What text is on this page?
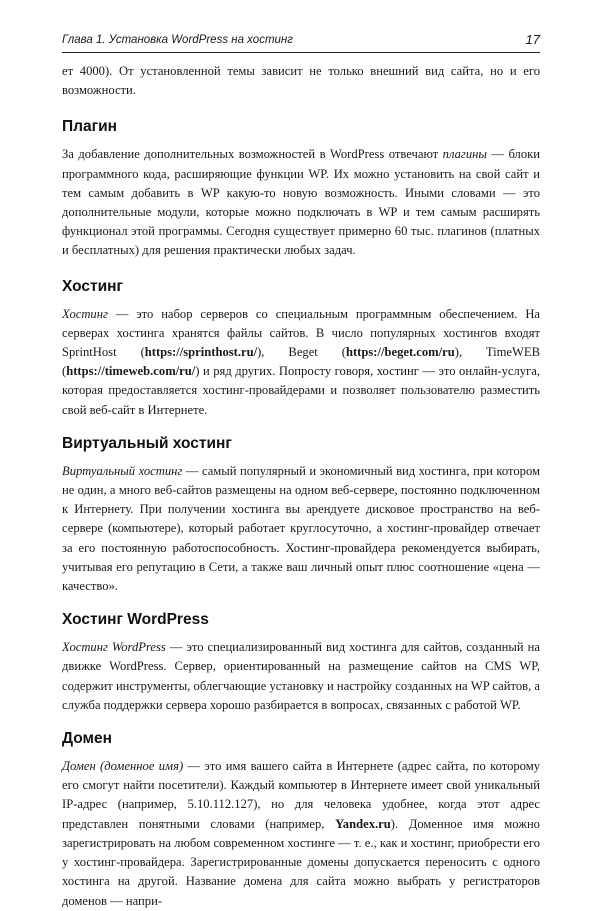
Глава 1. Установка WordPress на хостинг	17

ет 4000). От установленной темы зависит не только внешний вид сайта, но и его возможности.

Плагин

За добавление дополнительных возможностей в WordPress отвечают плагины — блоки программного кода, расширяющие функции WP. Их можно установить на свой сайт и тем самым добавить в WP какую-то новую возможность. Иными словами — это дополнительные модули, которые можно подключать в WP и тем самым расширять функционал этой программы. Сегодня существует примерно 60 тыс. плагинов (платных и бесплатных) для решения практически любых задач.

Хостинг

Хостинг — это набор серверов со специальным программным обеспечением. На серверах хостинга хранятся файлы сайтов. В число популярных хостингов входят SprintHost (https://sprinthost.ru/), Beget (https://beget.com/ru), TimeWEB (https://timeweb.com/ru/) и ряд других. Попросту говоря, хостинг — это онлайн-услуга, которая предоставляется хостинг-провайдерами и позволяет пользователю разместить свой веб-сайт в Интернете.

Виртуальный хостинг

Виртуальный хостинг — самый популярный и экономичный вид хостинга, при котором не один, а много веб-сайтов размещены на одном веб-сервере, постоянно подключенном к Интернету. При получении хостинга вы арендуете дисковое пространство на веб-сервере (компьютере), который работает круглосуточно, а хостинг-провайдер отвечает за его постоянную работоспособность. Хостинг-провайдера рекомендуется выбирать, учитывая его репутацию в Сети, а также ваш личный опыт плюс соотношение «цена — качество».

Хостинг WordPress

Хостинг WordPress — это специализированный вид хостинга для сайтов, созданный на движке WordPress. Сервер, ориентированный на размещение сайтов на CMS WP, содержит инструменты, облегчающие установку и настройку созданных на WP сайтов, а служба поддержки сервера хорошо разбирается в вопросах, связанных с работой WP.

Домен

Домен (доменное имя) — это имя вашего сайта в Интернете (адрес сайта, по которому его смогут найти посетители). Каждый компьютер в Интернете имеет свой уникальный IP-адрес (например, 5.10.112.127), но для человека удобнее, когда этот адрес представлен понятными словами (например, Yandex.ru). Доменное имя можно зарегистрировать на любом современном хостинге — т. е., как и хостинг, приобрести его у хостинг-провайдера. Зарегистрированные домены допускается переносить с одного хостинга на другой. Название домена для сайта можно выбрать у регистраторов доменов — напри-
